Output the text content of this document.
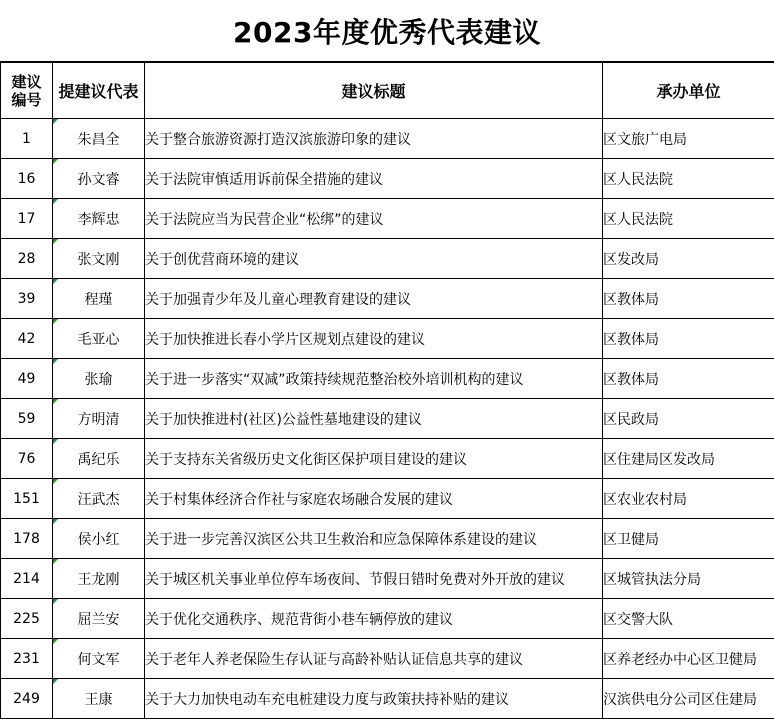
2023年度优秀代表建议
建议
编号	提建议代表	建议标题	承办单位
1	朱昌全	关于整合旅游资源打造汉滨旅游印象的建议	区文旅广电局
16	孙文睿	关于法院审慎适用诉前保全措施的建议	区人民法院
17	李辉忠	关于法院应当为民营企业“松绑”的建议	区人民法院
28	张文刚	关于创优营商环境的建议	区发改局
39	程瑾	关于加强青少年及儿童心理教育建设的建议	区教体局
42	毛亚心	关于加快推进长春小学片区规划点建设的建议	区教体局
49	张瑜	关于进一步落实“双减”政策持续规范整治校外培训机构的建议	区教体局
59	方明清	关于加快推进村(社区)公益性墓地建设的建议	区民政局
76	禹纪乐	关于支持东关省级历史文化街区保护项目建设的建议	区住建局区发改局
151	汪武杰	关于村集体经济合作社与家庭农场融合发展的建议	区农业农村局
178	侯小红	关于进一步完善汉滨区公共卫生救治和应急保障体系建设的建议	区卫健局
214	王龙刚	关于城区机关事业单位停车场夜间、节假日错时免费对外开放的建议	区城管执法分局
225	屈兰安	关于优化交通秩序、规范背街小巷车辆停放的建议	区交警大队
231	何文军	关于老年人养老保险生存认证与高龄补贴认证信息共享的建议	区养老经办中心区卫健局
249	王康	关于大力加快电动车充电桩建设力度与政策扶持补贴的建议	汉滨供电分公司区住建局
